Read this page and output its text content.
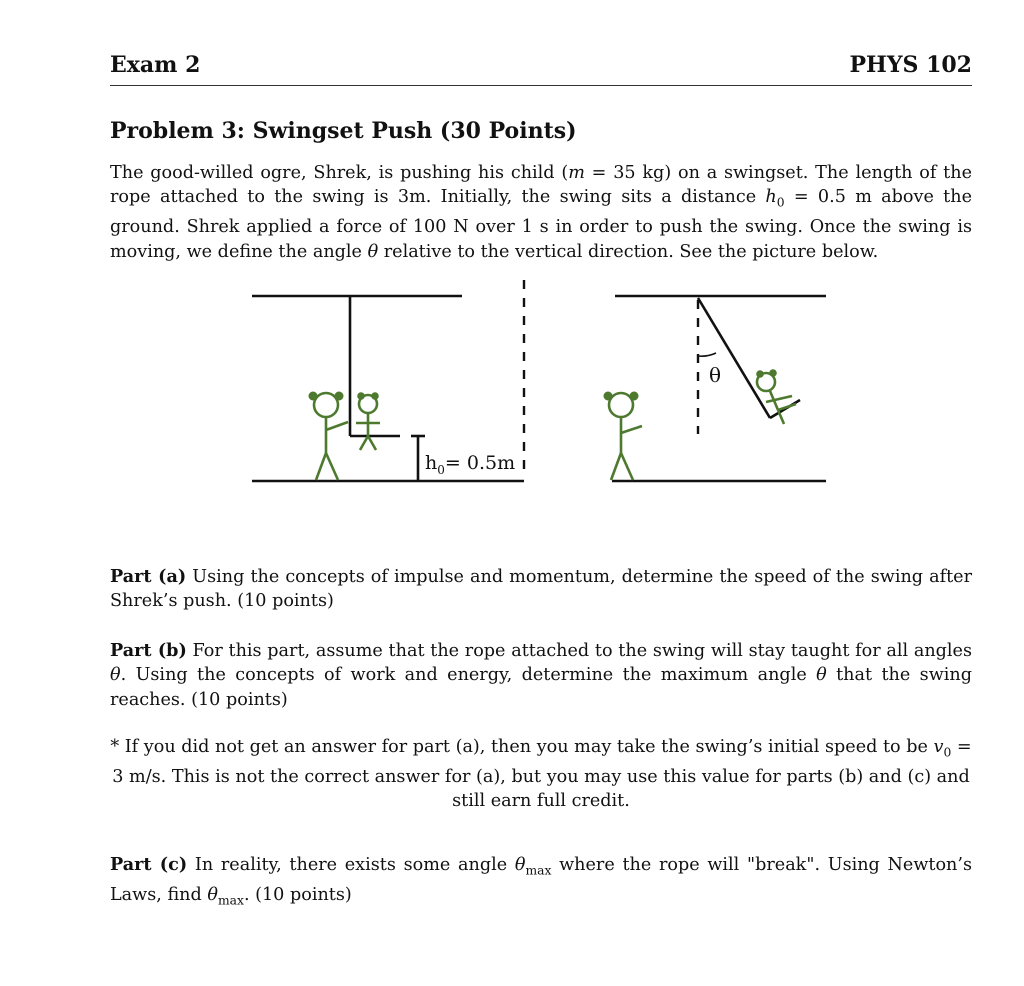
Exam 2	PHYS 102
Problem 3: Swingset Push (30 Points)
The good-willed ogre, Shrek, is pushing his child (m = 35 kg) on a swingset. The length of the rope attached to the swing is 3m. Initially, the swing sits a distance $h_0 = 0.5$ m above the ground. Shrek applied a force of 100 N over 1 s in order to push the swing. Once the swing is moving, we define the angle θ relative to the vertical direction. See the picture below.
θ
$h_0= 0.5m$
Part (a) Using the concepts of impulse and momentum, determine the speed of the swing after Shrek’s push. (10 points)
Part (b) For this part, assume that the rope attached to the swing will stay taught for all angles θ. Using the concepts of work and energy, determine the maximum angle θ that the swing reaches. (10 points)
* If you did not get an answer for part (a), then you may take the swing’s initial speed to be $v_0 = 3$ m/s. This is not the correct answer for (a), but you may use this value for parts (b) and (c) and still earn full credit.
Part (c) In reality, there exists some angle $\theta_{max}$ where the rope will "break". Using Newton’s Laws, find $\theta_{max}$. (10 points)
